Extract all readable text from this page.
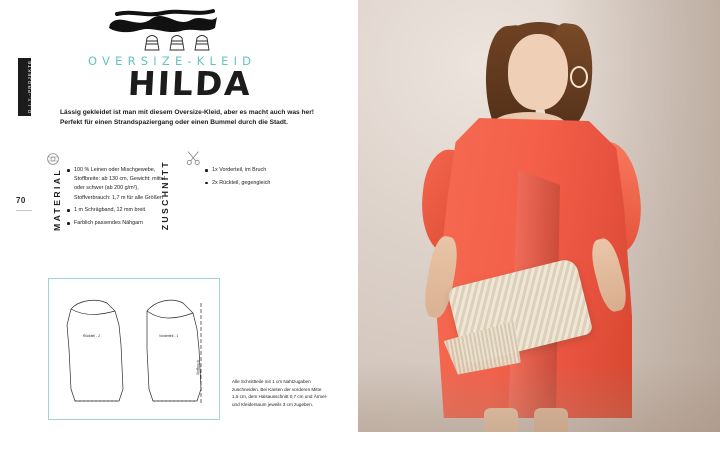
D.I.Y.-PROJEKTE
70
OVERSIZE-KLEID
HILDA
Lässig gekleidet ist man mit diesem Oversize-Kleid, aber es macht auch was her! Perfekt für einen Strandspaziergang oder einen Bummel durch die Stadt.
MATERIAL	100 % Leinen oder Mischgewebe, Stoffbreite: ab 130 cm, Gewicht: mittel oder schwer (ab 200 g/m²), Stoffverbrauch: 1,7 m für alle Größen
1 m Schrägband, 12 mm breit
Farblich passendes Nähgarn	ZUSCHNITT	1x Vorderteil, im Bruch
2x Rückteil, gegengleich
Rückteil - 2	Vorderteil - 1
Stoffbruch
Alle Schnittteile mit 1 cm Nahtzugaben zuschneiden. Bei Kanten der vorderen Mitte 1,5 cm, dem Halsausschnitt 0,7 cm und Ärmel- und Kleidersaum jeweils 3 cm zugeben.
